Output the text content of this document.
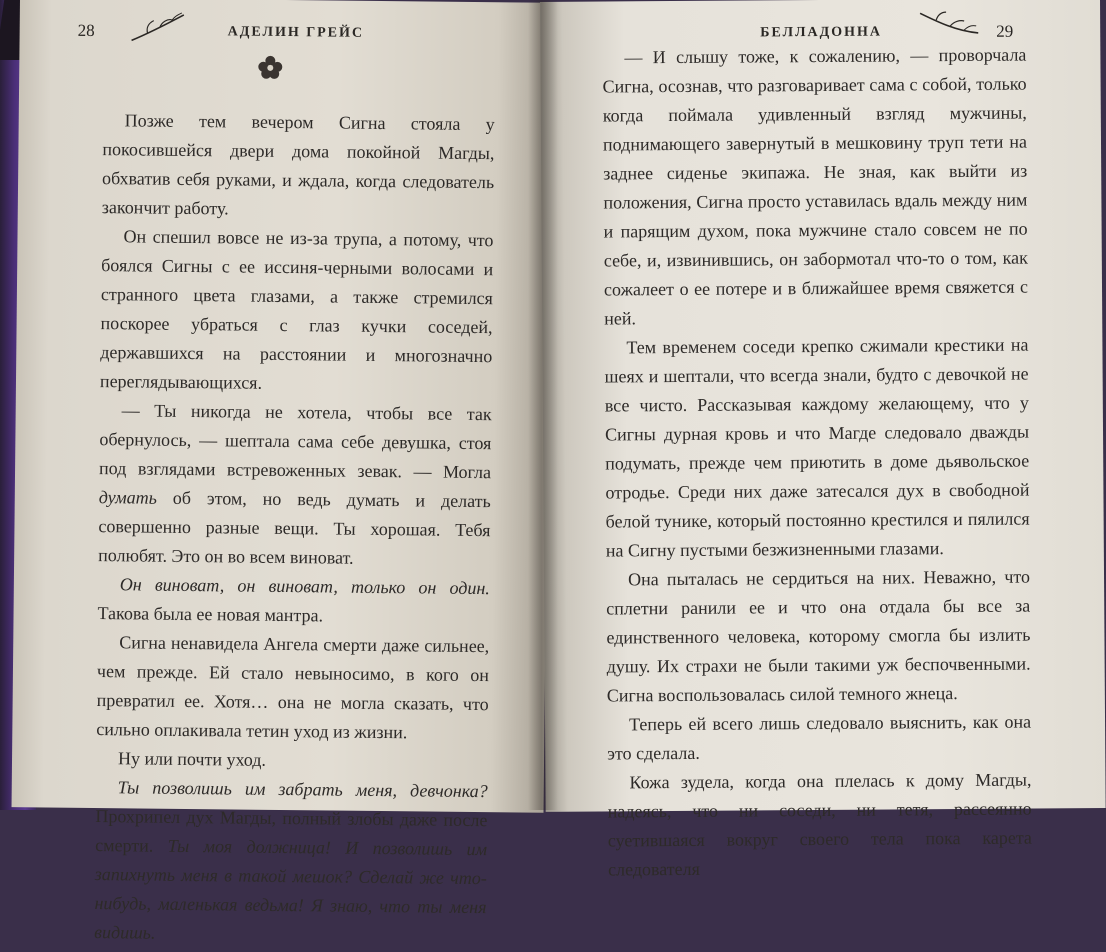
28	АДЕЛИН ГРЕЙС

Позже тем вечером Сигна стояла у покосившейся двери дома покойной Магды, обхватив себя руками, и ждала, когда следователь закончит работу.

Он спешил вовсе не из-за трупа, а потому, что боялся Сигны с ее иссиня-черными волосами и странного цвета глазами, а также стремился поскорее убраться с глаз кучки соседей, державшихся на расстоянии и многозначно переглядывающихся.

— Ты никогда не хотела, чтобы все так обернулось, — шептала сама себе девушка, стоя под взглядами встревоженных зевак. — Могла думать об этом, но ведь думать и делать совершенно разные вещи. Ты хорошая. Тебя полюбят. Это он во всем виноват.

Он виноват, он виноват, только он один. Такова была ее новая мантра.

Сигна ненавидела Ангела смерти даже сильнее, чем прежде. Ей стало невыносимо, в кого он превратил ее. Хотя… она не могла сказать, что сильно оплакивала тетин уход из жизни.

Ну или почти уход.

Ты позволишь им забрать меня, девчонка? Прохрипел дух Магды, полный злобы даже после смерти. Ты моя должница! И позволишь им запихнуть меня в такой мешок? Сделай же что-нибудь, маленькая ведьма! Я знаю, что ты меня видишь.

БЕЛЛАДОННА	29

— И слышу тоже, к сожалению, — проворчала Сигна, осознав, что разговаривает сама с собой, только когда поймала удивленный взгляд мужчины, поднимающего завернутый в мешковину труп тети на заднее сиденье экипажа. Не зная, как выйти из положения, Сигна просто уставилась вдаль между ним и парящим духом, пока мужчине стало совсем не по себе, и, извинившись, он забормотал что-то о том, как сожалеет о ее потере и в ближайшее время свяжется с ней.

Тем временем соседи крепко сжимали крестики на шеях и шептали, что всегда знали, будто с девочкой не все чисто. Рассказывая каждому желающему, что у Сигны дурная кровь и что Магде следовало дважды подумать, прежде чем приютить в доме дьявольское отродье. Среди них даже затесался дух в свободной белой тунике, который постоянно крестился и пялился на Сигну пустыми безжизненными глазами.

Она пыталась не сердиться на них. Неважно, что сплетни ранили ее и что она отдала бы все за единственного человека, которому смогла бы излить душу. Их страхи не были такими уж беспочвенными. Сигна воспользовалась силой темного жнеца.

Теперь ей всего лишь следовало выяснить, как она это сделала.

Кожа зудела, когда она плелась к дому Магды, надеясь, что ни соседи, ни тетя, рассеянно суетившаяся вокруг своего тела пока карета следователя
